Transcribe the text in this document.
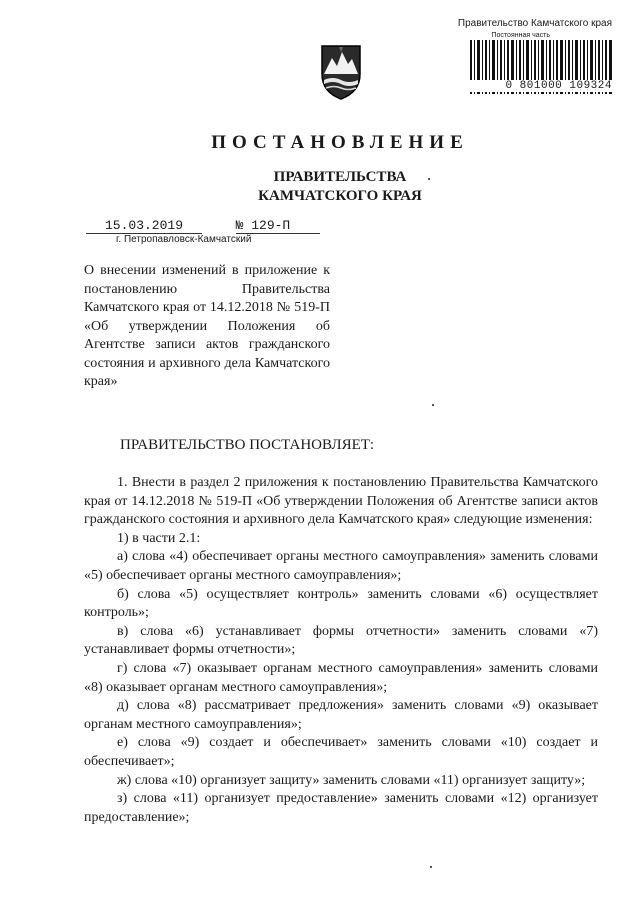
Правительство Камчатского края
Постоянная часть
0 801000 109324
ПОСТАНОВЛЕНИЕ
ПРАВИТЕЛЬСТВА
КАМЧАТСКОГО КРАЯ
15.03.2019	№ 129-П
г. Петропавловск-Камчатский
О внесении изменений в приложение к постановлению Правительства Камчатского края от 14.12.2018 № 519-П «Об утверждении Положения об Агентстве записи актов гражданского состояния и архивного дела Камчатского края»
ПРАВИТЕЛЬСТВО ПОСТАНОВЛЯЕТ:

1. Внести в раздел 2 приложения к постановлению Правительства Камчатского края от 14.12.2018 № 519-П «Об утверждении Положения об Агентстве записи актов гражданского состояния и архивного дела Камчатского края» следующие изменения:

1) в части 2.1:

а) слова «4) обеспечивает органы местного самоуправления» заменить словами «5) обеспечивает органы местного самоуправления»;

б) слова «5) осуществляет контроль» заменить словами «6) осуществляет контроль»;

в) слова «6) устанавливает формы отчетности» заменить словами «7) устанавливает формы отчетности»;

г) слова «7) оказывает органам местного самоуправления» заменить словами «8) оказывает органам местного самоуправления»;

д) слова «8) рассматривает предложения» заменить словами «9) оказывает органам местного самоуправления»;

е) слова «9) создает и обеспечивает» заменить словами «10) создает и обеспечивает»;

ж) слова «10) организует защиту» заменить словами «11) организует защиту»;

з) слова «11) организует предоставление» заменить словами «12) организует предоставление»;
